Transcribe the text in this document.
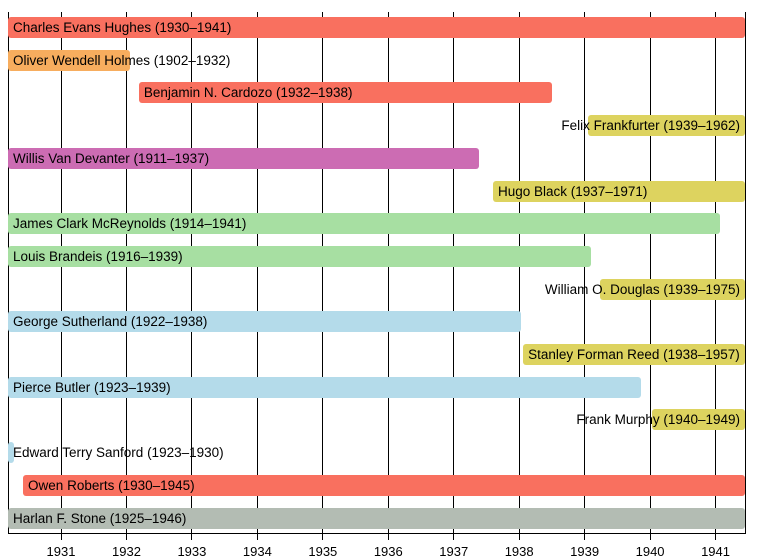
1931	1932	1933	1934	1935	1936	1937	1938	1939	1940	1941
Charles Evans Hughes (1930–1941)
Oliver Wendell Holmes (1902–1932)
Benjamin N. Cardozo (1932–1938)
Felix Frankfurter (1939–1962)
Willis Van Devanter (1911–1937)
Hugo Black (1937–1971)
James Clark McReynolds (1914–1941)
Louis Brandeis (1916–1939)
William O. Douglas (1939–1975)
George Sutherland (1922–1938)
Stanley Forman Reed (1938–1957)
Pierce Butler (1923–1939)
Frank Murphy (1940–1949)
Edward Terry Sanford (1923–1930)
Owen Roberts (1930–1945)
Harlan F. Stone (1925–1946)
